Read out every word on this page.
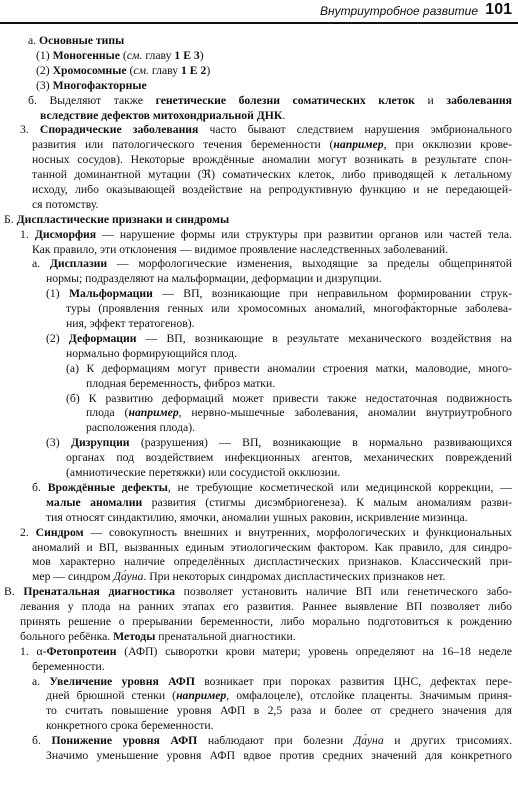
Внутриутробное развитие 101
а. Основные типы
(1) Моногенные (см. главу 1 Е 3)
(2) Хромосомные (см. главу 1 Е 2)
(3) Многофакторные
б. Выделяют также генетические болезни соматических клеток и заболевания
вследствие дефектов митохондриальной ДНК.
3. Спорадические заболевания часто бывают следствием нарушения эмбрионального
развития или патологического течения беременности (например, при окклюзии крове-
носных сосудов). Некоторые врождённые аномалии могут возникать в результате спон-
танной доминантной мутации (ℜ) соматических клеток, либо приводящей к летальному
исходу, либо оказывающей воздействие на репродуктивную функцию и не передающей-
ся потомству.
Б. Диспластические признаки и синдромы
1. Дисморфия — нарушение формы или структуры при развитии органов или частей тела.
Как правило, эти отклонения — видимое проявление наследственных заболеваний.
а. Дисплазии — морфологические изменения, выходящие за пределы общепринятой
нормы; подразделяют на мальформации, деформации и дизрупции.
(1) Мальформации — ВП, возникающие при неправильном формировании струк-
туры (проявления генных или хромосомных аномалий, многофа́кторные заболева-
ния, эффект тератогенов).
(2) Деформации — ВП, возникающие в результате механического воздействия на
нормально формирующийся плод.
(а) К деформациям могут привести аномалии строения матки, маловодие, много-
плодная беременность, фиброз матки.
(б) К развитию деформаций может привести также недостаточная подвижность
плода (например, нервно-мышечные заболевания, аномалии внутриутробного
расположения плода).
(3) Дизрупции (разрушения) — ВП, возникающие в нормально развивающихся
органах под воздействием инфекционных агентов, механических повреждений
(амниотические перетяжки) или сосудистой окклюзии.
б. Врождённые дефекты, не требующие косметической или медицинской коррекции, —
малые аномалии развития (стигмы дисэмбриогенеза). К малым аномалиям разви-
тия относят синдактилию, ямочки, аномалии ушных раковин, искривление мизинца.
2. Синдром — совокупность внешних и внутренних, морфологических и функциональных
аномалий и ВП, вызванных единым этиологическим фактором. Как правило, для синдро-
мов характерно наличие определённых диспластических признаков. Классический при-
мер — синдром Да́уна. При некоторых синдромах диспластических признаков нет.
В. Пренатальная диагностика позволяет установить наличие ВП или генетического забо-
левания у плода на ранних этапах его развития. Раннее выявление ВП позволяет либо
принять решение о прерывании беременности, либо морально подготовиться к рождению
больного ребёнка. Методы пренатальной диагностики.
1. α-Фетопротеин (АФП) сыворотки крови матери; уровень определяют на 16–18 неделе
беременности.
а. Увеличение уровня АФП возникает при пороках развития ЦНС, дефектах пере-
дней брюшной стенки (например, омфалоцеле), отслойке плаценты. Значимым приня-
то считать повышение уровня АФП в 2,5 раза и более от среднего значения для
конкретного срока беременности.
б. Понижение уровня АФП наблюдают при болезни Да́уна и других трисомиях.
Значимо уменьшение уровня АФП вдвое против средних значений для конкретного
